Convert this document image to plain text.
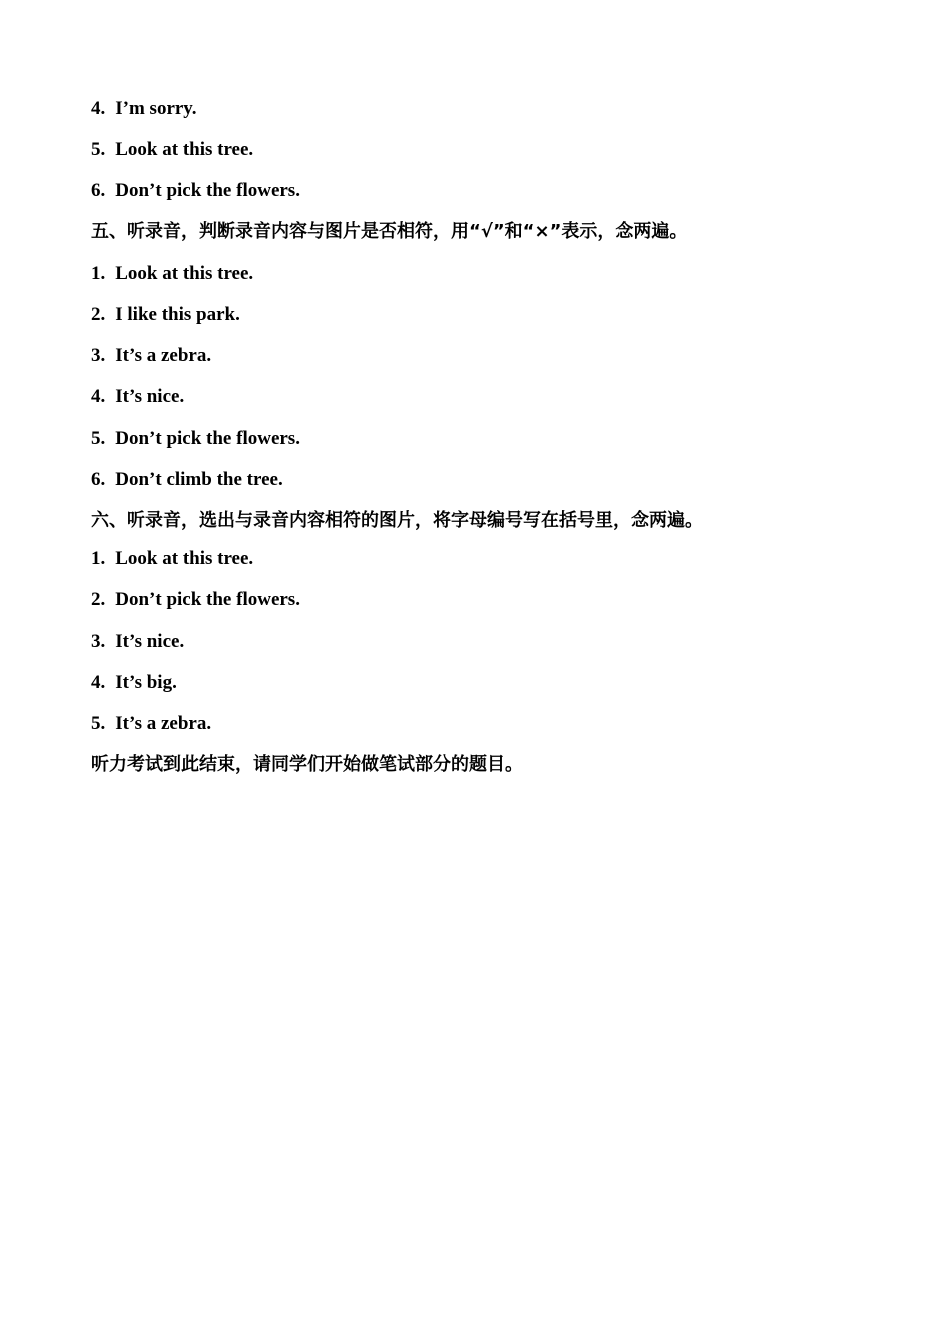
4. I’m sorry.
5. Look at this tree.
6. Don’t pick the flowers.
五、听录音，判断录音内容与图片是否相符，用“√”和“×”表示，念两遍。
1. Look at this tree.
2. I like this park.
3. It’s a zebra.
4. It’s nice.
5. Don’t pick the flowers.
6. Don’t climb the tree.
六、听录音，选出与录音内容相符的图片，将字母编号写在括号里，念两遍。
1. Look at this tree.
2. Don’t pick the flowers.
3. It’s nice.
4. It’s big.
5. It’s a zebra.
听力考试到此结束，请同学们开始做笔试部分的题目。
